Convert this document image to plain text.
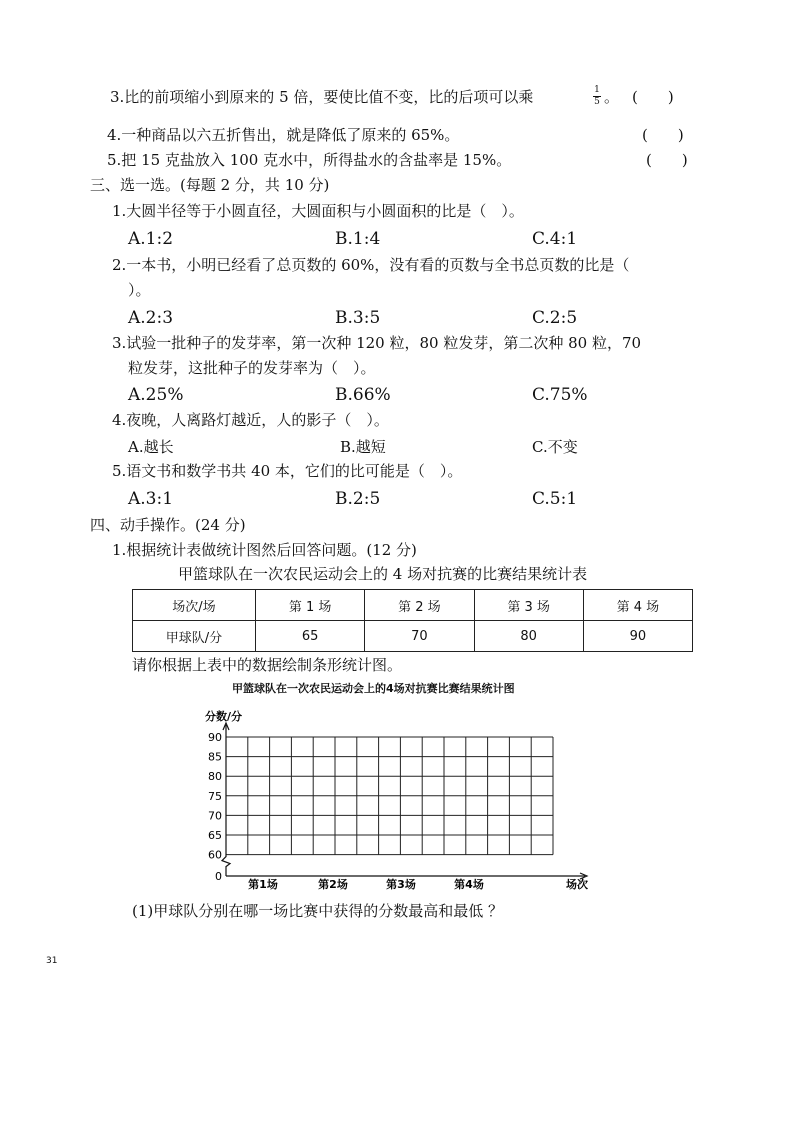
3.比的前项缩小到原来的 5 倍，要使比值不变，比的后项可以乘	1
5 。 (　　)
4.一种商品以六五折售出，就是降低了原来的 65%。	(　　)
5.把 15 克盐放入 100 克水中，所得盐水的含盐率是 15%。	(　　)
三、选一选。(每题 2 分，共 10 分)
1.大圆半径等于小圆直径，大圆面积与小圆面积的比是（　）。
A.1:2	B.1:4	C.4:1
2.一本书，小明已经看了总页数的 60%，没有看的页数与全书总页数的比是（
）。
A.2:3	B.3:5	C.2:5
3.试验一批种子的发芽率，第一次种 120 粒，80 粒发芽，第二次种 80 粒，70
粒发芽，这批种子的发芽率为（　）。
A.25%	B.66%	C.75%
4.夜晚，人离路灯越近，人的影子（　）。
A.越长	B.越短	C.不变
5.语文书和数学书共 40 本，它们的比可能是（　）。
A.3:1	B.2:5	C.5:1
四、动手操作。(24 分)
1.根据统计表做统计图然后回答问题。(12 分)
甲篮球队在一次农民运动会上的 4 场对抗赛的比赛结果统计表
场次/场	第 1 场	第 2 场	第 3 场	第 4 场
甲球队/分	65	70	80	90
请你根据上表中的数据绘制条形统计图。
甲篮球队在一次农民运动会上的4场对抗赛比赛结果统计图
90
85
80
75
70
65
60
0
第1场	第2场	第3场	第4场
分数/分
场次
(1)甲球队分别在哪一场比赛中获得的分数最高和最低 ？
31
